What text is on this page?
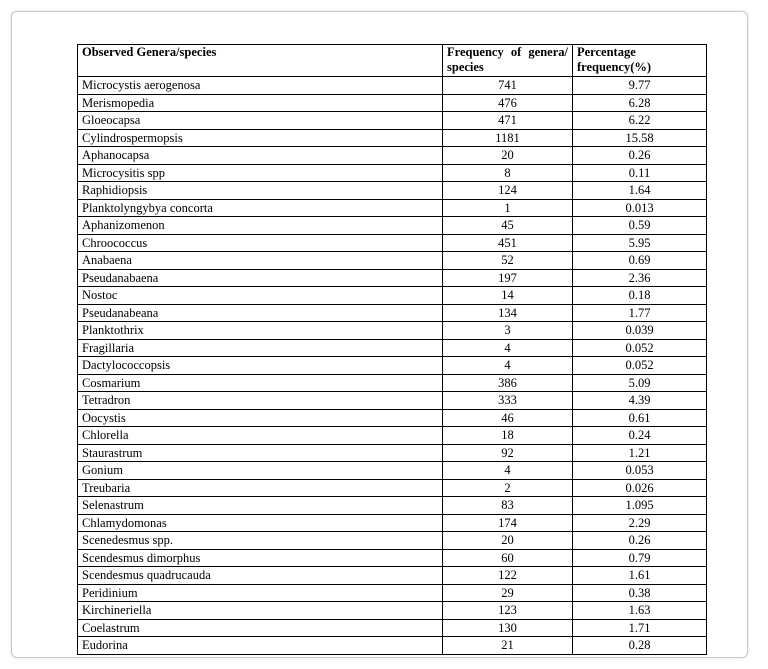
Observed Genera/species	Frequency of genera/ species	Percentage frequency(%)
Microcystis aerogenosa	741	9.77
Merismopedia	476	6.28
Gloeocapsa	471	6.22
Cylindrospermopsis	1181	15.58
Aphanocapsa	20	0.26
Microcysitis spp	8	0.11
Raphidiopsis	124	1.64
Planktolyngybya concorta	1	0.013
Aphanizomenon	45	0.59
Chroococcus	451	5.95
Anabaena	52	0.69
Pseudanabaena	197	2.36
Nostoc	14	0.18
Pseudanabeana	134	1.77
Planktothrix	3	0.039
Fragillaria	4	0.052
Dactylococcopsis	4	0.052
Cosmarium	386	5.09
Tetradron	333	4.39
Oocystis	46	0.61
Chlorella	18	0.24
Staurastrum	92	1.21
Gonium	4	0.053
Treubaria	2	0.026
Selenastrum	83	1.095
Chlamydomonas	174	2.29
Scenedesmus spp.	20	0.26
Scendesmus dimorphus	60	0.79
Scendesmus quadrucauda	122	1.61
Peridinium	29	0.38
Kirchineriella	123	1.63
Coelastrum	130	1.71
Eudorina	21	0.28
